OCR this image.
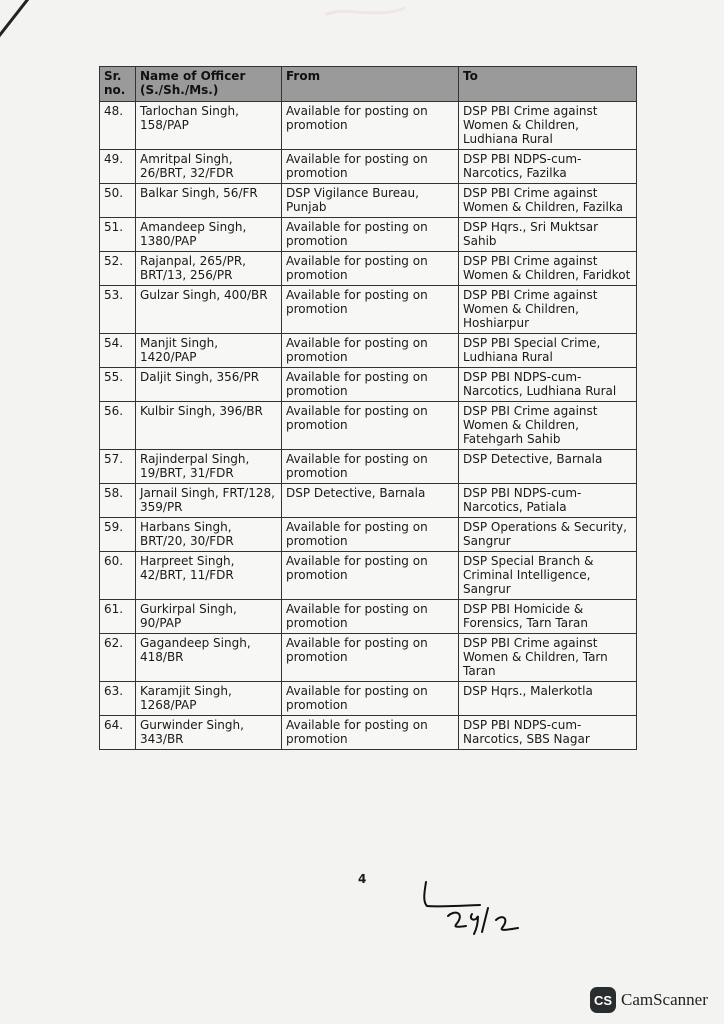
Sr. no.	Name of Officer (S./Sh./Ms.)	From	To
48.	Tarlochan Singh, 158/PAP	Available for posting on promotion	DSP PBI Crime against Women & Children, Ludhiana Rural
49.	Amritpal Singh, 26/BRT, 32/FDR	Available for posting on promotion	DSP PBI NDPS-cum-Narcotics, Fazilka
50.	Balkar Singh, 56/FR	DSP Vigilance Bureau, Punjab	DSP PBI Crime against Women & Children, Fazilka
51.	Amandeep Singh, 1380/PAP	Available for posting on promotion	DSP Hqrs., Sri Muktsar Sahib
52.	Rajanpal, 265/PR, BRT/13, 256/PR	Available for posting on promotion	DSP PBI Crime against Women & Children, Faridkot
53.	Gulzar Singh, 400/BR	Available for posting on promotion	DSP PBI Crime against Women & Children, Hoshiarpur
54.	Manjit Singh, 1420/PAP	Available for posting on promotion	DSP PBI Special Crime, Ludhiana Rural
55.	Daljit Singh, 356/PR	Available for posting on promotion	DSP PBI NDPS-cum-Narcotics, Ludhiana Rural
56.	Kulbir Singh, 396/BR	Available for posting on promotion	DSP PBI Crime against Women & Children, Fatehgarh Sahib
57.	Rajinderpal Singh, 19/BRT, 31/FDR	Available for posting on promotion	DSP Detective, Barnala
58.	Jarnail Singh, FRT/128, 359/PR	DSP Detective, Barnala	DSP PBI NDPS-cum-Narcotics, Patiala
59.	Harbans Singh, BRT/20, 30/FDR	Available for posting on promotion	DSP Operations & Security, Sangrur
60.	Harpreet Singh, 42/BRT, 11/FDR	Available for posting on promotion	DSP Special Branch & Criminal Intelligence, Sangrur
61.	Gurkirpal Singh, 90/PAP	Available for posting on promotion	DSP PBI Homicide & Forensics, Tarn Taran
62.	Gagandeep Singh, 418/BR	Available for posting on promotion	DSP PBI Crime against Women & Children, Tarn Taran
63.	Karamjit Singh, 1268/PAP	Available for posting on promotion	DSP Hqrs., Malerkotla
64.	Gurwinder Singh, 343/BR	Available for posting on promotion	DSP PBI NDPS-cum-Narcotics, SBS Nagar
4
CS CamScanner
